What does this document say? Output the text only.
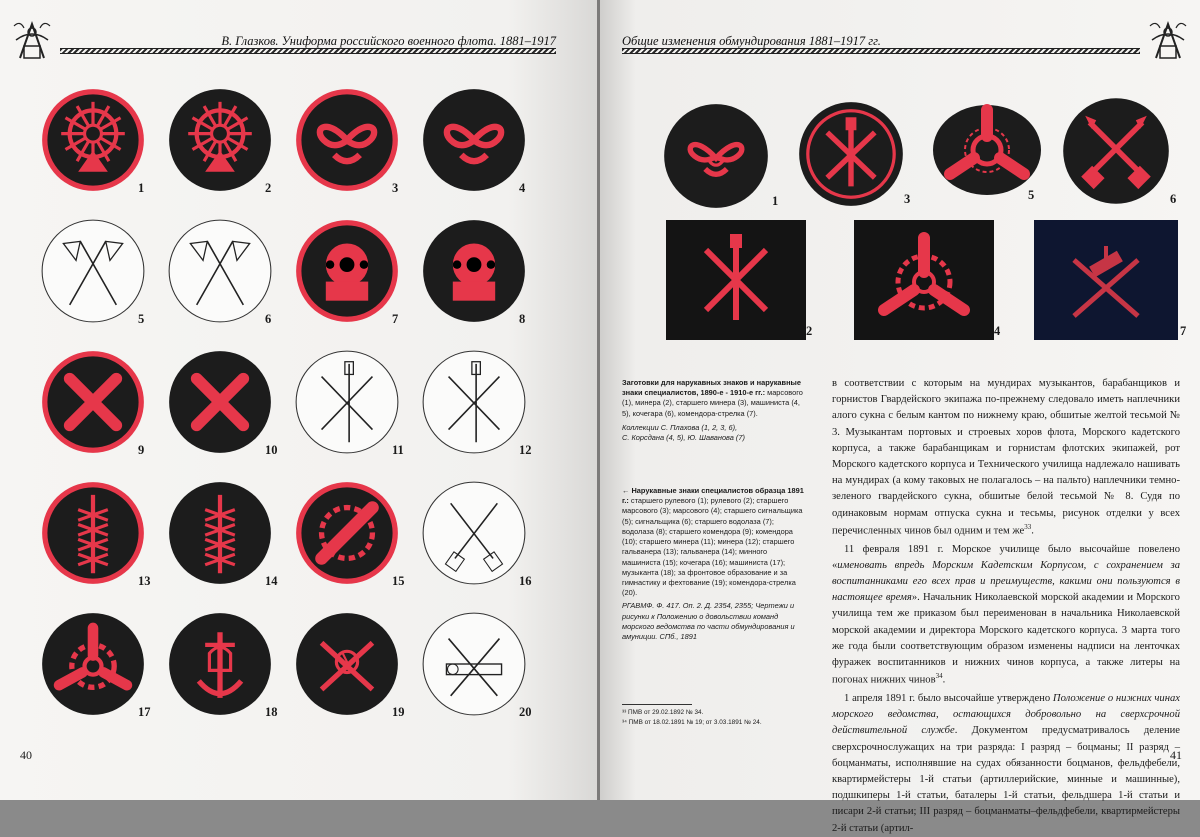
В. Глазков. Униформа российского военного флота. 1881–1917
1	2	3	4
5	6	7	8
9	10	11	12
13	14	15	16
17	18	19	20
40
Общие изменения обмундирования 1881–1917 гг.
1	3	5	6
2	4	7
Заготовки для нарукавных знаков и нарукавные знаки специалистов, 1890-е - 1910-е гг.: марсового (1), минера (2), старшего минера (3), машиниста (4, 5), кочегара (6), комендора-стрелка (7).
Коллекции С. Плахова (1, 2, 3, 6),
С. Корсдана (4, 5), Ю. Шаванова (7)
← Нарукавные знаки специалистов образца 1891 г.: старшего рулевого (1); рулевого (2); старшего марсового (3); марсового (4); старшего сигнальщика (5); сигнальщика (6); старшего водолаза (7); водолаза (8); старшего комендора (9); комендора (10); старшего минера (11); минера (12); старшего гальванера (13); гальванера (14); минного машиниста (15); кочегара (16); машиниста (17); музыканта (18); за фронтовое образование и за гимнастику и фехтование (19); комендора-стрелка (20).
РГАВМФ. Ф. 417. Оп. 2. Д. 2354, 2355; Чертежи и рисунки к Положению о довольствии команд морского ведомства по части обмундирования и амуниции. СПб., 1891

в соответствии с которым на мундирах музыкантов, барабанщиков и горнистов Гвардейского экипажа по-прежнему следовало иметь наплечники алого сукна с белым кантом по нижнему краю, обшитые желтой тесьмой № 3. Музыкантам портовых и строевых хоров флота, Морского кадетского корпуса, а также барабанщикам и горнистам флотских экипажей, рот Морского кадетского корпуса и Технического училища надлежало нашивать на мундирах (а кому таковых не полагалось – на пальто) наплечники темно-зеленого гвардейского сукна, обшитые белой тесьмой № 8. Судя по одинаковым нормам отпуска сукна и тесьмы, рисунок отделки у всех перечисленных чинов был одним и тем $же^{33}$.

11 февраля 1891 г. Морское училище было высочайше повелено «именовать впредь Морским Кадетским Корпусом, с сохранением за воспитанниками его всех прав и преимуществ, какими они пользуются в настоящее время». Начальник Николаевской морской академии и Морского училища тем же приказом был переименован в начальника Николаевской морской академии и директора Морского кадетского корпуса. 3 марта того же года были соответствующим образом изменены надписи на ленточках фуражек воспитанников и нижних чинов корпуса, а также литеры на погонах нижних чинов$^{34}$.

1 апреля 1891 г. было высочайше утверждено Положение о нижних чинах морского ведомства, остающихся добровольно на сверхсрочной действительной службе. Документом предусматривалось деление сверхсрочнослужащих на три разряда: I разряд – боцманы; II разряд – боцманматы, исполнявшие на судах обязанности боцманов, фельдфебели, квартирмейстеры 1-й статьи (артиллерийские, минные и машинные), подшкиперы 1-й статьи, баталеры 1-й статьи, фельдшера 1-й статьи и писари 2-й статьи; III разряд – боцманматы–фельдфебели, квартирмейстеры 2-й статьи (артил-

³³ ПМВ от 29.02.1892 № 34.
³⁴ ПМВ от 18.02.1891 № 19; от 3.03.1891 № 24.
41
